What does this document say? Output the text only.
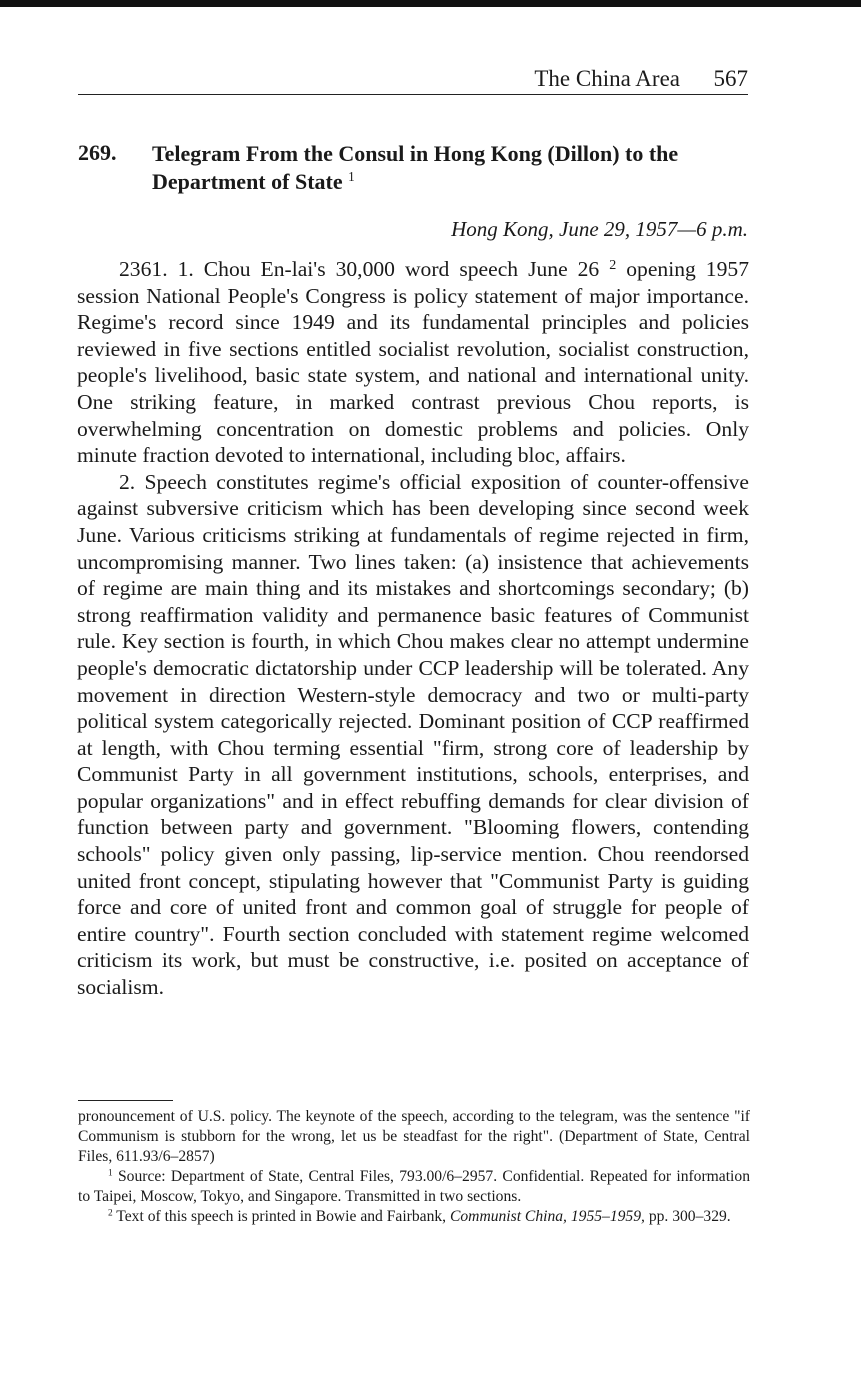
The China Area 567
269. Telegram From the Consul in Hong Kong (Dillon) to the Department of State $^1$
Hong Kong, June 29, 1957—6 p.m.

2361. 1. Chou En-lai's 30,000 word speech June 26 $^2$ opening 1957 session National People's Congress is policy statement of major importance. Regime's record since 1949 and its fundamental principles and policies reviewed in five sections entitled socialist revolution, socialist construction, people's livelihood, basic state system, and national and international unity. One striking feature, in marked contrast previous Chou reports, is overwhelming concentration on domestic problems and policies. Only minute fraction devoted to international, including bloc, affairs.

2. Speech constitutes regime's official exposition of counter-offensive against subversive criticism which has been developing since second week June. Various criticisms striking at fundamentals of regime rejected in firm, uncompromising manner. Two lines taken: (a) insistence that achievements of regime are main thing and its mistakes and shortcomings secondary; (b) strong reaffirmation validity and permanence basic features of Communist rule. Key section is fourth, in which Chou makes clear no attempt undermine people's democratic dictatorship under CCP leadership will be tolerated. Any movement in direction Western-style democracy and two or multi-party political system categorically rejected. Dominant position of CCP reaffirmed at length, with Chou terming essential "firm, strong core of leadership by Communist Party in all government institutions, schools, enterprises, and popular organizations" and in effect rebuffing demands for clear division of function between party and government. "Blooming flowers, contending schools" policy given only passing, lip-service mention. Chou reendorsed united front concept, stipulating however that "Communist Party is guiding force and core of united front and common goal of struggle for people of entire country". Fourth section concluded with statement regime welcomed criticism its work, but must be constructive, i.e. posited on acceptance of socialism.

pronouncement of U.S. policy. The keynote of the speech, according to the telegram, was the sentence "if Communism is stubborn for the wrong, let us be steadfast for the right". (Department of State, Central Files, 611.93/6–2857)

$^1$ Source: Department of State, Central Files, 793.00/6–2957. Confidential. Repeated for information to Taipei, Moscow, Tokyo, and Singapore. Transmitted in two sections.

$^2$ Text of this speech is printed in Bowie and Fairbank, Communist China, 1955–1959, pp. 300–329.
